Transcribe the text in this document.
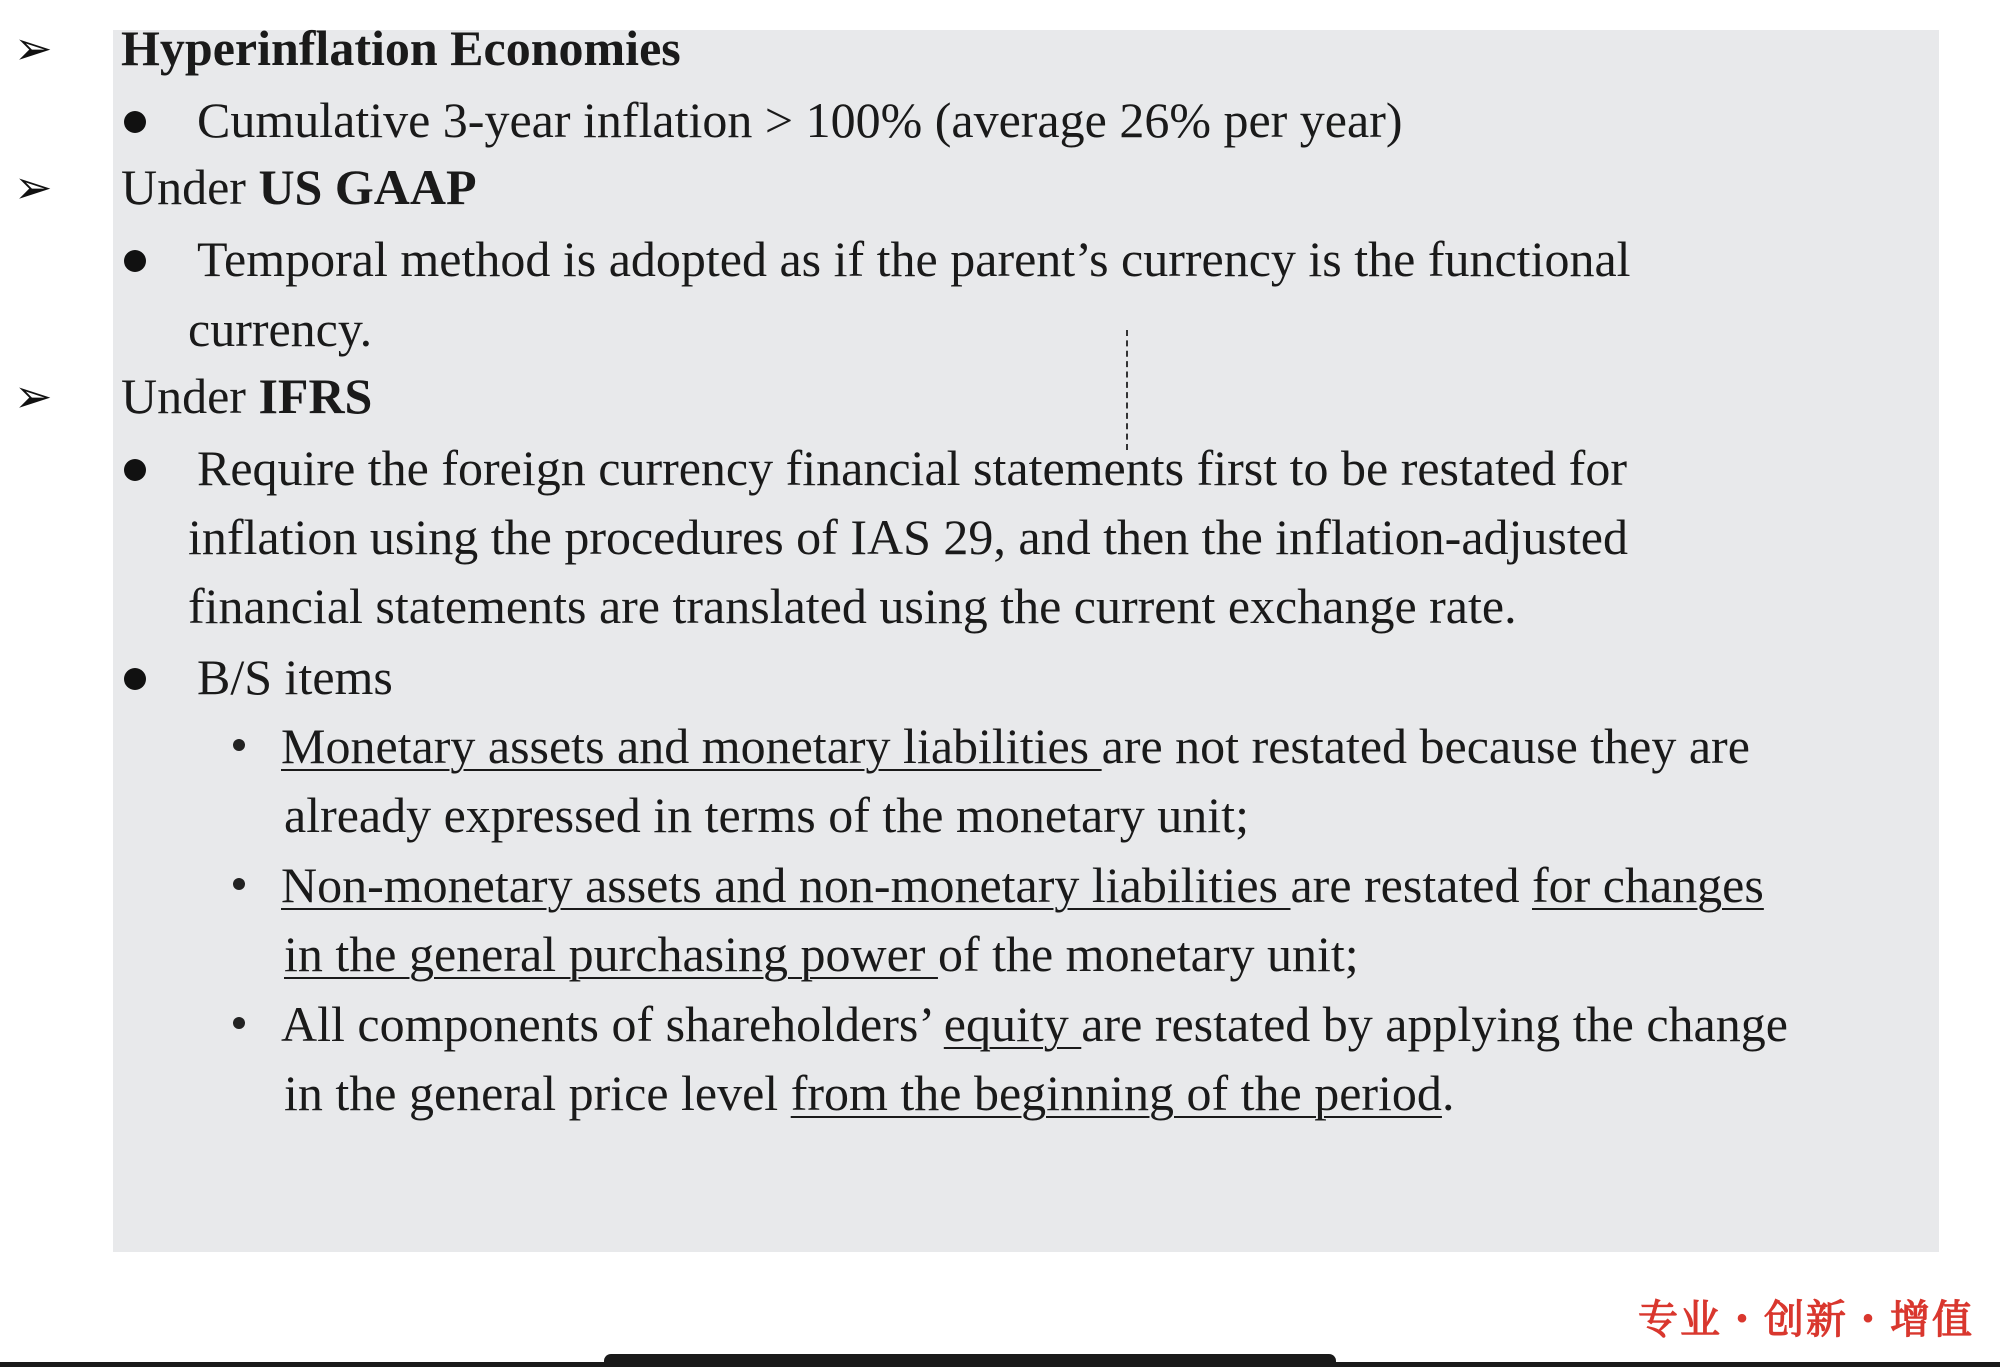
➢ Hyperinflation Economies
Cumulative 3-year inflation > 100% (average 26% per year)
➢ Under US GAAP
Temporal method is adopted as if the parent’s currency is the functional
currency.
➢ Under IFRS
Require the foreign currency financial statements first to be restated for
inflation using the procedures of IAS 29, and then the inflation-adjusted
financial statements are translated using the current exchange rate.
B/S items
Monetary assets and monetary liabilities are not restated because they are
already expressed in terms of the monetary unit;
Non-monetary assets and non-monetary liabilities are restated for changes
in the general purchasing power of the monetary unit;
All components of shareholders’ equity are restated by applying the change
in the general price level from the beginning of the period.
专业・创新・增值
